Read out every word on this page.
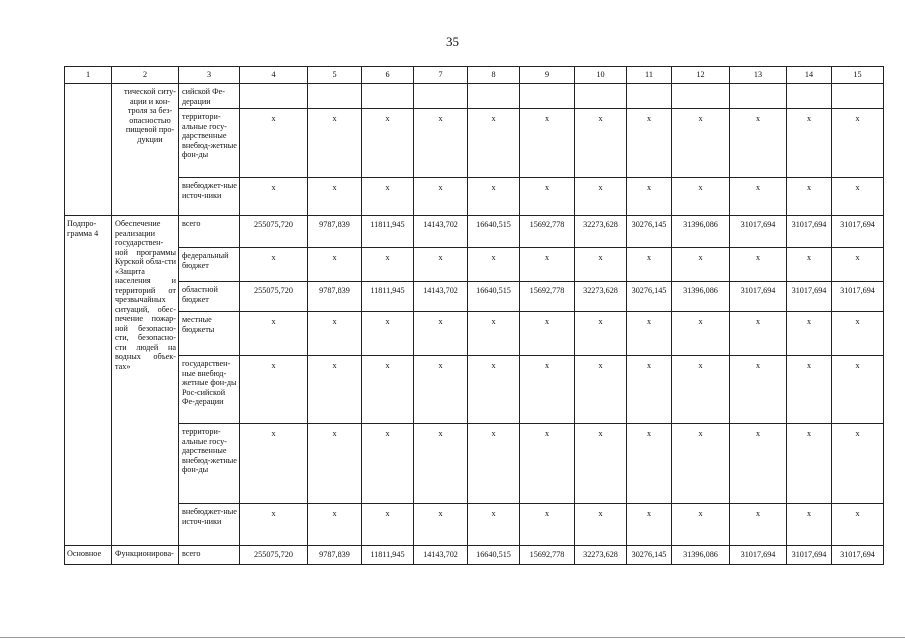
35
1	2	3	4	5	6	7	8	9	10	11	12	13	14	15
	тической ситу-ации и кон-троля за без-опасностью пищевой про-дукции	сийской Фе-дерации												
		территори-альные госу-дарственные внебюд-жетные фон-ды	x	x	x	x	x	x	x	x	x	x	x	x
		внебюджет-ные источ-ники	x	x	x	x	x	x	x	x	x	x	x	x
Подпро-грамма 4	Обеспечение реализации государствен-ной программы Курской обла-сти «Защита населения и территорий от чрезвычайных ситуаций, обес-печение пожар-ной безопасно-сти, безопасно-сти людей на водных объек-тах»	всего	255075,720	9787,839	11811,945	14143,702	16640,515	15692,778	32273,628	30276,145	31396,086	31017,694	31017,694	31017,694
		федеральный бюджет	x	x	x	x	x	x	x	x	x	x	x	x
		областной бюджет	255075,720	9787,839	11811,945	14143,702	16640,515	15692,778	32273,628	30276,145	31396,086	31017,694	31017,694	31017,694
		местные бюджеты	x	x	x	x	x	x	x	x	x	x	x	x
		государствен-ные внебюд-жетные фон-ды Рос-сийской Фе-дерации	x	x	x	x	x	x	x	x	x	x	x	x
		территори-альные госу-дарственные внебюд-жетные фон-ды	x	x	x	x	x	x	x	x	x	x	x	x
		внебюджет-ные источ-ники	x	x	x	x	x	x	x	x	x	x	x	x
Основное	Функционирова-	всего	255075,720	9787,839	11811,945	14143,702	16640,515	15692,778	32273,628	30276,145	31396,086	31017,694	31017,694	31017,694
